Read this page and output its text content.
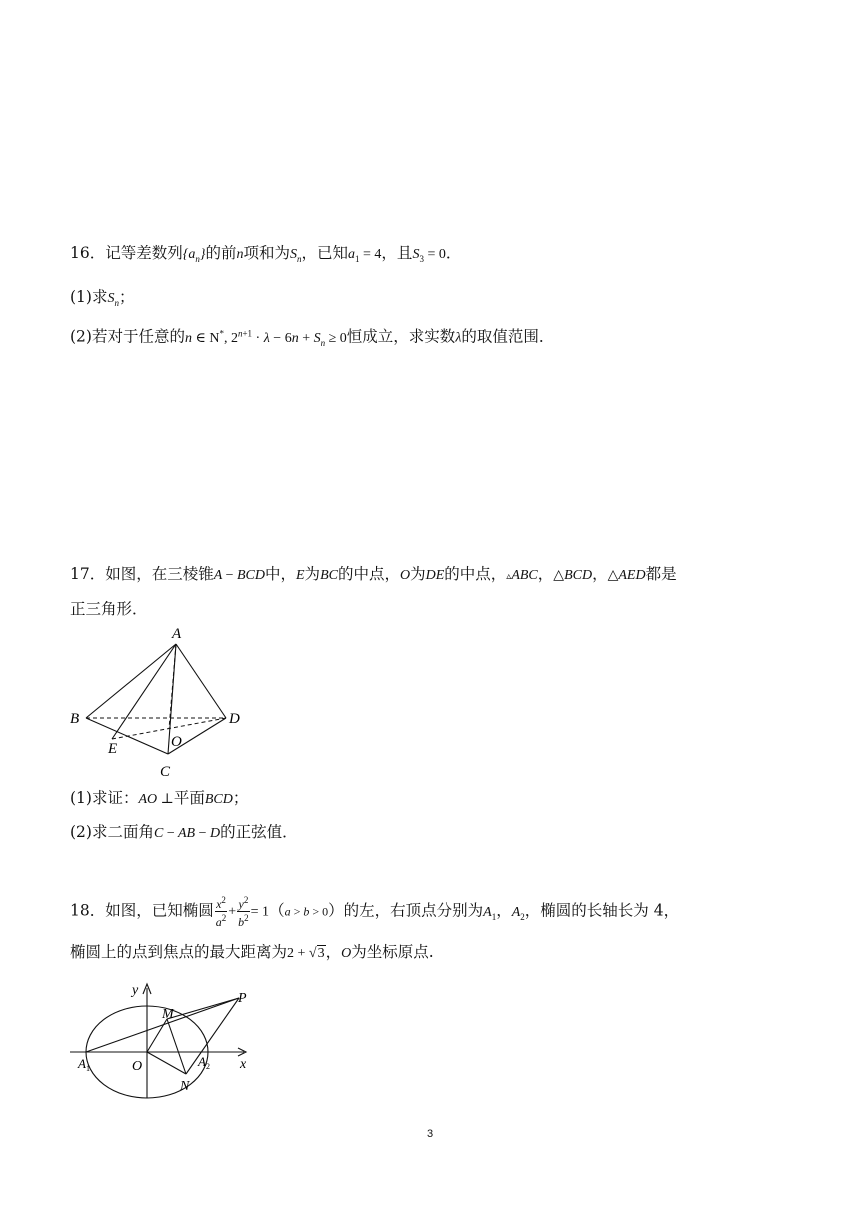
16．记等差数列$\{a_n\}$的前n项和为$S_n$，已知$a_1 = 4$，且$S_3 = 0$．
(1)求$S_n$；
(2)若对于任意的n ∈ N*, $2^{n+1} \cdot \lambda - 6n + S_n \ge 0$恒成立，求实数λ的取值范围．
17．如图，在三棱锥A − BCD中，E为BC的中点，O为DE的中点，▵ABC，△BCD，△AED都是
正三角形．
A
B	D
E	O
C
(1)求证：AO ⊥平面BCD；
(2)求二面角C − AB − D的正弦值．
18．如图，已知椭圆 $\frac{x^2}{a^2} + \frac{y^2}{b^2} = 1(a > b > 0)$的左，右顶点分别为$A_1$，$A_2$，椭圆的长轴长为 4，
椭圆上的点到焦点的最大距离为2 + √3，O为坐标原点.
y
P
M
$A_1$	O	$A_2$ x
N
3
